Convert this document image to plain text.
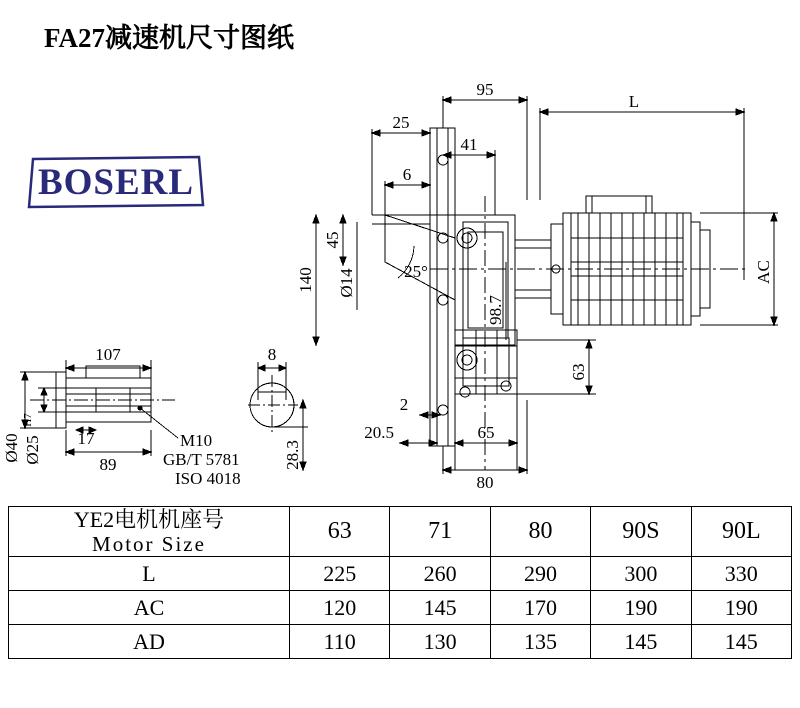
FA27减速机尺寸图纸
BOSERL
95
L
25
41
6
45
140 Ø14	25°
98.7
AC
63
2
20.5	65
80
107	8
17
89
Ø40 Ø25
H7
28.3
M10
GB/T 5781
ISO 4018
YE2电机机座号
Motor Size	63	71	80	90S	90L
L	225	260	290	300	330
AC	120	145	170	190	190
AD	110	130	135	145	145
